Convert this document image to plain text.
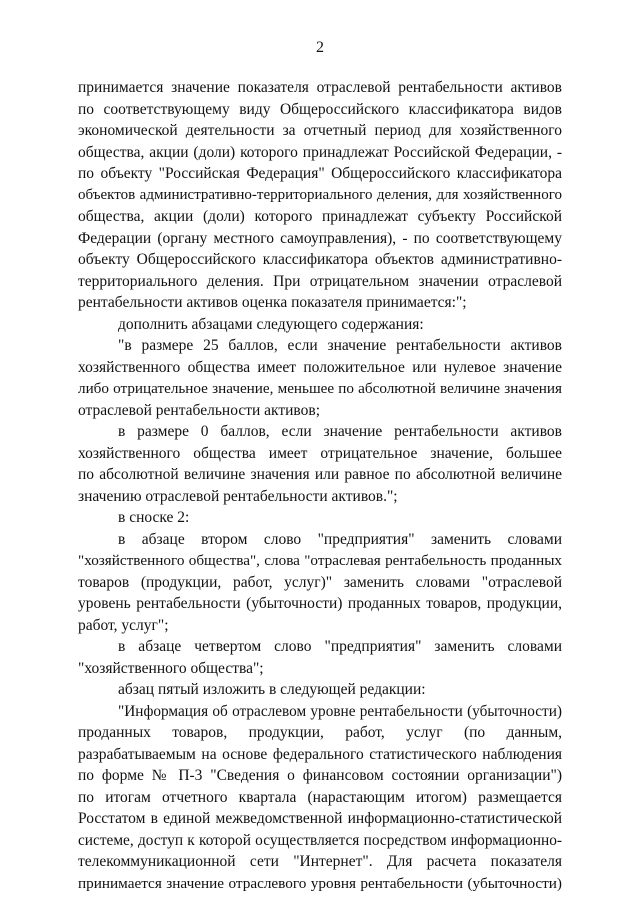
2
принимается значение показателя отраслевой рентабельности активов
по соответствующему виду Общероссийского классификатора видов
экономической деятельности за отчетный период для хозяйственного
общества, акции (доли) которого принадлежат Российской Федерации, -
по объекту "Российская Федерация" Общероссийского классификатора
объектов административно-территориального деления, для хозяйственного
общества, акции (доли) которого принадлежат субъекту Российской
Федерации (органу местного самоуправления), - по соответствующему
объекту Общероссийского классификатора объектов административно-
территориального деления. При отрицательном значении отраслевой
рентабельности активов оценка показателя принимается:";
дополнить абзацами следующего содержания:
"в размере 25 баллов, если значение рентабельности активов
хозяйственного общества имеет положительное или нулевое значение
либо отрицательное значение, меньшее по абсолютной величине значения
отраслевой рентабельности активов;
в размере 0 баллов, если значение рентабельности активов
хозяйственного общества имеет отрицательное значение, большее
по абсолютной величине значения или равное по абсолютной величине
значению отраслевой рентабельности активов.";
в сноске 2:
в абзаце втором слово "предприятия" заменить словами
"хозяйственного общества", слова "отраслевая рентабельность проданных
товаров (продукции, работ, услуг)" заменить словами "отраслевой
уровень рентабельности (убыточности) проданных товаров, продукции,
работ, услуг";
в абзаце четвертом слово "предприятия" заменить словами
"хозяйственного общества";
абзац пятый изложить в следующей редакции:
"Информация об отраслевом уровне рентабельности (убыточности)
проданных товаров, продукции, работ, услуг (по данным,
разрабатываемым на основе федерального статистического наблюдения
по форме № П-3 "Сведения о финансовом состоянии организации")
по итогам отчетного квартала (нарастающим итогом) размещается
Росстатом в единой межведомственной информационно-статистической
системе, доступ к которой осуществляется посредством информационно-
телекоммуникационной сети "Интернет". Для расчета показателя
принимается значение отраслевого уровня рентабельности (убыточности)
